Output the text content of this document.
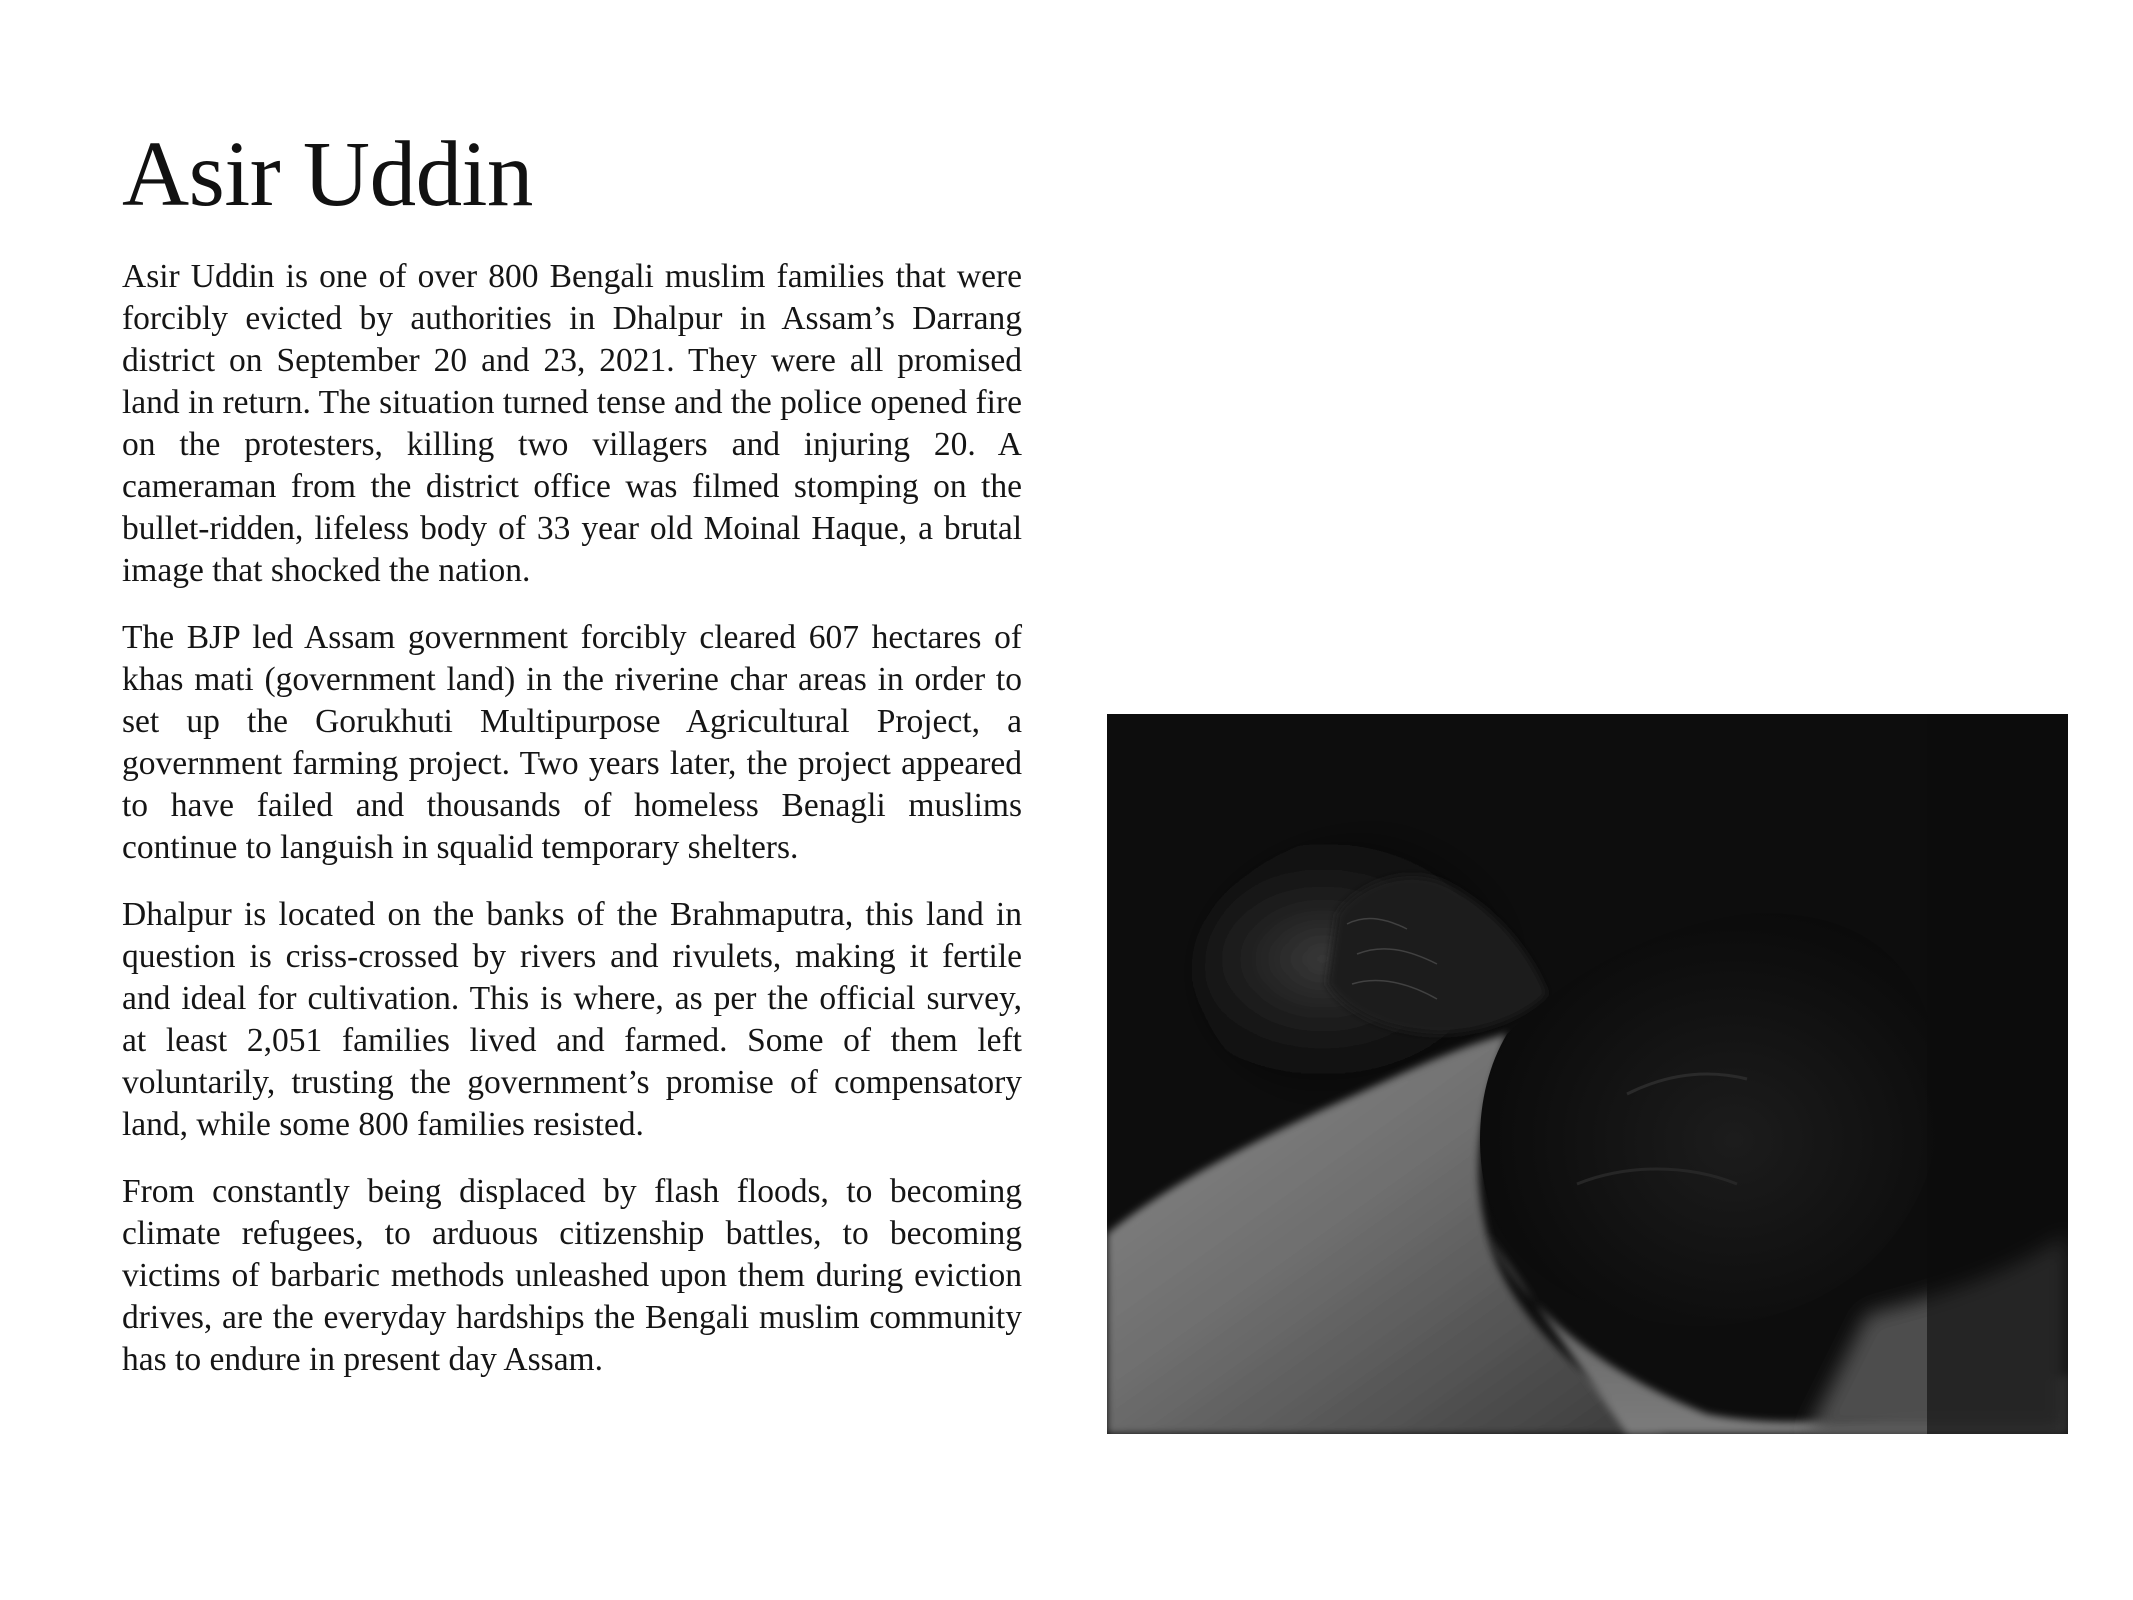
Asir Uddin

Asir Uddin is one of over 800 Bengali muslim families that were forcibly evicted by authorities in Dhalpur in Assam’s Darrang district on September 20 and 23, 2021. They were all promised land in return. The situation turned tense and the police opened fire on the protesters, killing two villagers and injuring 20. A cameraman from the district office was filmed stomping on the bullet-ridden, lifeless body of 33 year old Moinal Haque, a brutal image that shocked the nation.

The BJP led Assam government forcibly cleared 607 hectares of khas mati (government land) in the riverine char areas in order to set up the Gorukhuti Multipurpose Agricultural Project, a government farming project. Two years later, the project appeared to have failed and thousands of homeless Benagli muslims continue to languish in squalid temporary shelters.

Dhalpur is located on the banks of the Brahmaputra, this land in question is criss-crossed by rivers and rivulets, making it fertile and ideal for cultivation. This is where, as per the official survey, at least 2,051 families lived and farmed. Some of them left voluntarily, trusting the government’s promise of compensatory land, while some 800 families resisted.

From constantly being displaced by flash floods, to becoming climate refugees, to arduous citizenship battles, to becoming victims of barbaric methods unleashed upon them during eviction drives, are the everyday hardships the Bengali muslim community has to endure in present day Assam.
